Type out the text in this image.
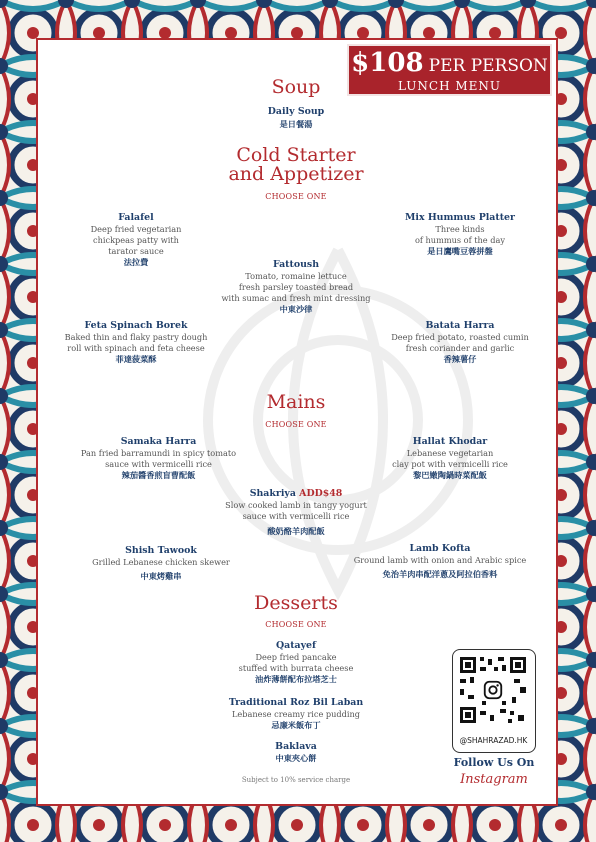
$108 PER PERSON
LUNCH MENU
Soup
Daily Soup
是日餐湯
Cold Starter
and Appetizer
CHOOSE ONE
Falafel
Deep fried vegetarian
chickpeas patty with
tarator sauce
法拉費
Mix Hummus Platter
Three kinds
of hummus of the day
是日鷹嘴豆蓉拼盤
Fattoush
Tomato, romaine lettuce
fresh parsley toasted bread
with sumac and fresh mint dressing
中東沙律
Feta Spinach Borek
Baked thin and flaky pastry dough
roll with spinach and feta cheese
菲達菠菜酥
Batata Harra
Deep fried potato, roasted cumin
fresh coriander and garlic
香辣薯仔
Mains
CHOOSE ONE
Samaka Harra
Pan fried barramundi in spicy tomato
sauce with vermicelli rice
辣茄醬香煎盲曹配飯
Hallat Khodar
Lebanese vegetarian
clay pot with vermicelli rice
黎巴嫩陶鍋時菜配飯
Shakriya ADD$48
Slow cooked lamb in tangy yogurt
sauce with vermicelli rice
酸奶酪羊肉配飯
Shish Tawook
Grilled Lebanese chicken skewer
中東烤雞串
Lamb Kofta
Ground lamb with onion and Arabic spice
免治羊肉串配洋蔥及阿拉伯香料
Desserts
CHOOSE ONE
Qatayef
Deep fried pancake
stuffed with burrata cheese
油炸薄餅配布拉塔芝士
Traditional Roz Bil Laban
Lebanese creamy rice pudding
忌廉米飯布丁
Baklava
中東夾心餅
Subject to 10% service charge
@SHAHRAZAD.HK
Follow Us On
Instagram
